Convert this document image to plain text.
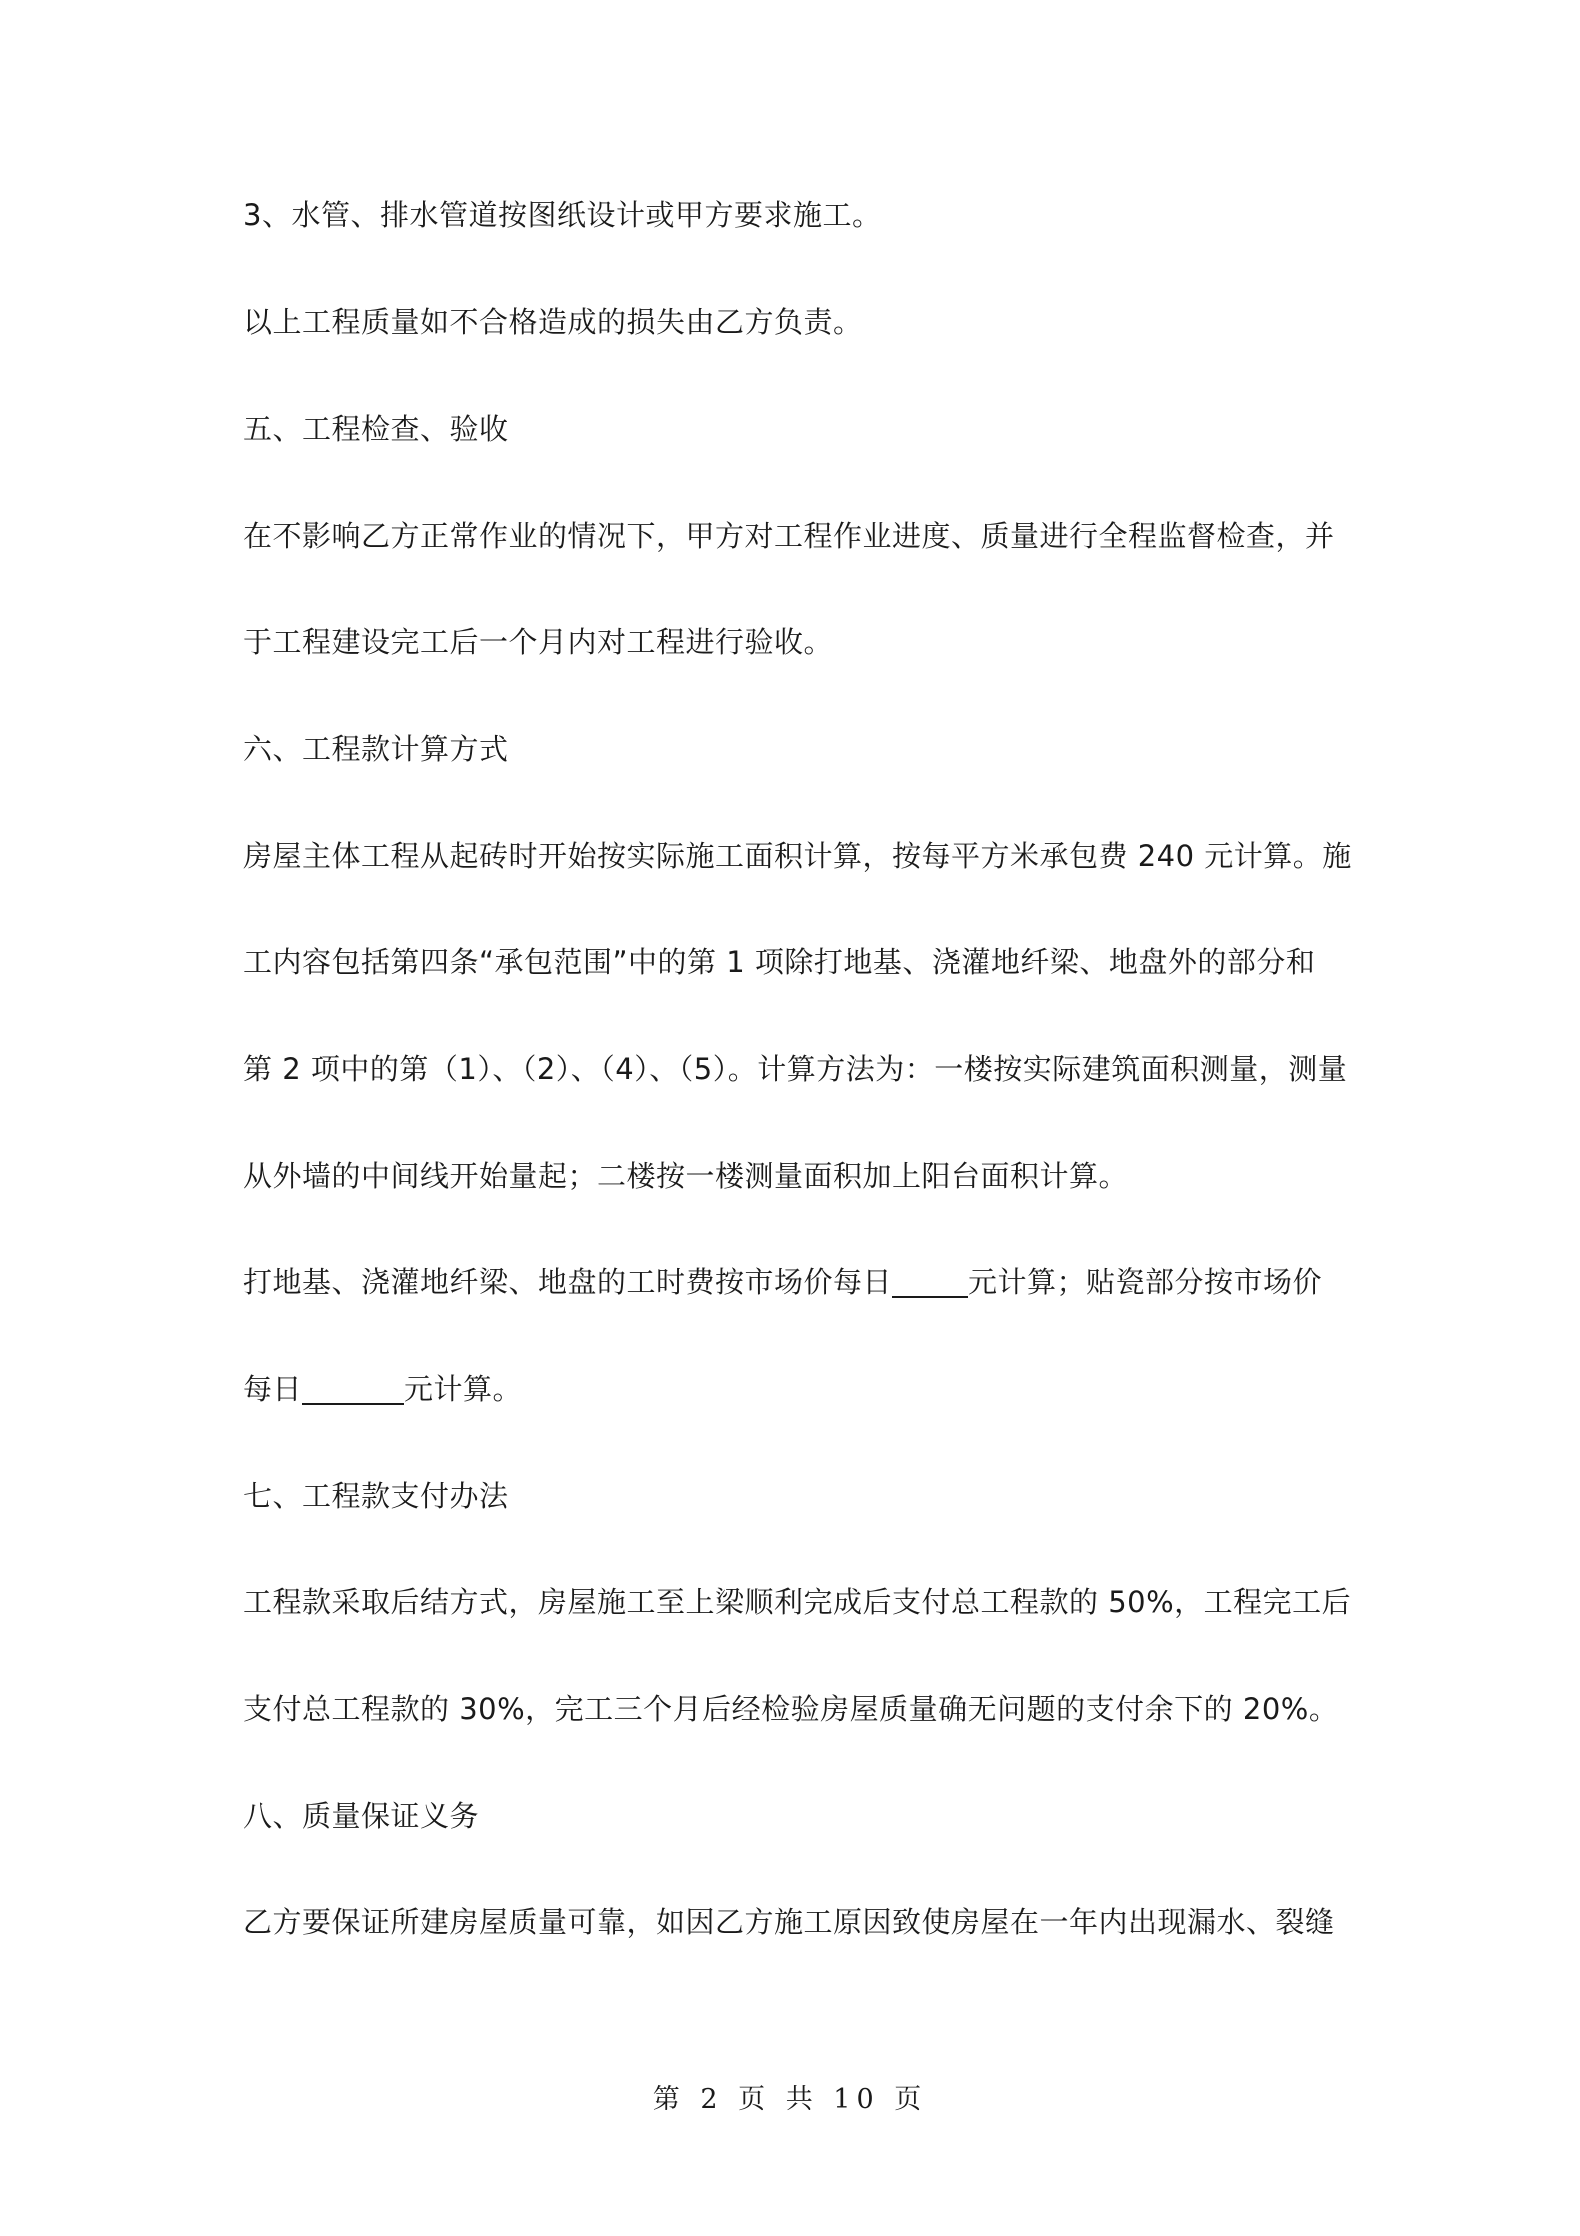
3、水管、排水管道按图纸设计或甲方要求施工。
以上工程质量如不合格造成的损失由乙方负责。
五、工程检查、验收
在不影响乙方正常作业的情况下，甲方对工程作业进度、质量进行全程监督检查，并
于工程建设完工后一个月内对工程进行验收。
六、工程款计算方式
房屋主体工程从起砖时开始按实际施工面积计算，按每平方米承包费 240 元计算。施
工内容包括第四条“承包范围”中的第 1 项除打地基、浇灌地纤梁、地盘外的部分和
第 2 项中的第（1）、（2）、（4）、（5）。计算方法为：一楼按实际建筑面积测量，测量
从外墙的中间线开始量起；二楼按一楼测量面积加上阳台面积计算。
打地基、浇灌地纤梁、地盘的工时费按市场价每日	元计算；贴瓷部分按市场价
每日	元计算。
七、工程款支付办法
工程款采取后结方式，房屋施工至上梁顺利完成后支付总工程款的 50%，工程完工后
支付总工程款的 30%，完工三个月后经检验房屋质量确无问题的支付余下的 20%。
八、质量保证义务
乙方要保证所建房屋质量可靠，如因乙方施工原因致使房屋在一年内出现漏水、裂缝
第 2 页 共 10 页
